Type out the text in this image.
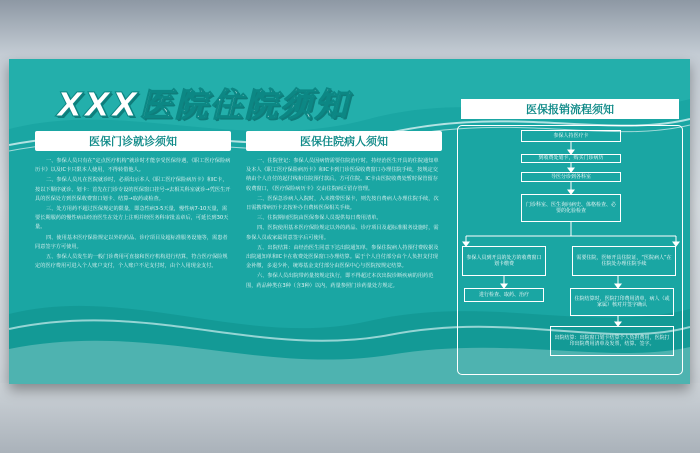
XXX医院住院须知
医保门诊就诊须知

一、参保人员只有在“定点医疗机构”就诊时才能享受医保待遇，《职工医疗保险病历卡》以及IC卡只限本人使用，不得转借他人。

二、参保人员凡在医院就诊时，必须出示本人《职工医疗保险病历卡》和IC卡，按以下顺序就诊、划卡：首先在门诊专设的医保窗口挂号→去相关科室就诊→凭医生开具的医保处方到医保收费窗口划卡、结算→取药或检查。

三、处方用药不超过医保规定的限量，即急性病3-5天量，慢性病7-10天量，需要长期服药的慢性病由经治医生在处方上注明并经医务科审批盖章后，可延长到30天量。

四、使用基本医疗保险规定以外的药品、诊疗项目及超标准服务设施等，需患者同意签字方可使用。

五、参保人员发生的一般门诊费用可直接和医疗机构进行结算，符合医疗保险规定的医疗费用可进入个人账户支付，个人账户不足支付时，由个人用现金支付。

医保住院病人须知

一、住院登记：参保人员因病情需要住院治疗时，持经治医生开具的住院通知单及本人《职工医疗保险病历卡》和IC卡到门诊医保收费窗口办理住院手续，按规定交纳由个人自付的起付线和住院预付款后，方可住院。IC卡由医院收费处暂时保管留存收费窗口，《医疗保险病历卡》交由住院病区留存管理。

二、医保急诊病人入院时，入未携带医保卡，则先按自费病人办理住院手续，次日需携带病历卡去按补办自费转医保相关手续。

三、住院期间医院由医保参保人员提供每日费用清单。

四、医院使用基本医疗保险规定以外的药品、诊疗项目及超标准服务设施时，需参保人员或家属同意签字后可使用。

五、出院结算：由经治医生同意下达出院通知单，参保住院病人持预付费收据及出院通知单和IC卡在收费处医保窗口办理结算。属于个人自付部分由个人负担支付现金补缴，多退少补，统筹基金支付部分由医保中心与医院按规定结算。

六、参保人员出院带药量按规定执行，即不得超过本次出院诊断疾病的用药范围，药品种类在3种（含3种）以内，药量参照门诊药量处方规定。

医保报销流程须知
参保人持医疗卡
到收费处划卡，购买门诊病历
导医分诊到各科室
门诊科室、医生询问病史、体格检查、必要的化验检查
参保人员到开具的处方的收费窗口划卡缴费
需要住院，医师开具住院证，“医院病人”在住院处办理住院手续
进行检查、取药、治疗
住院结算时，医院打印费用清单，病人（或家属）核对并签字确认
出院结算：出院窗口划卡结算个人负担费用，医院打印出院费用清单及发票，结算、签字。
